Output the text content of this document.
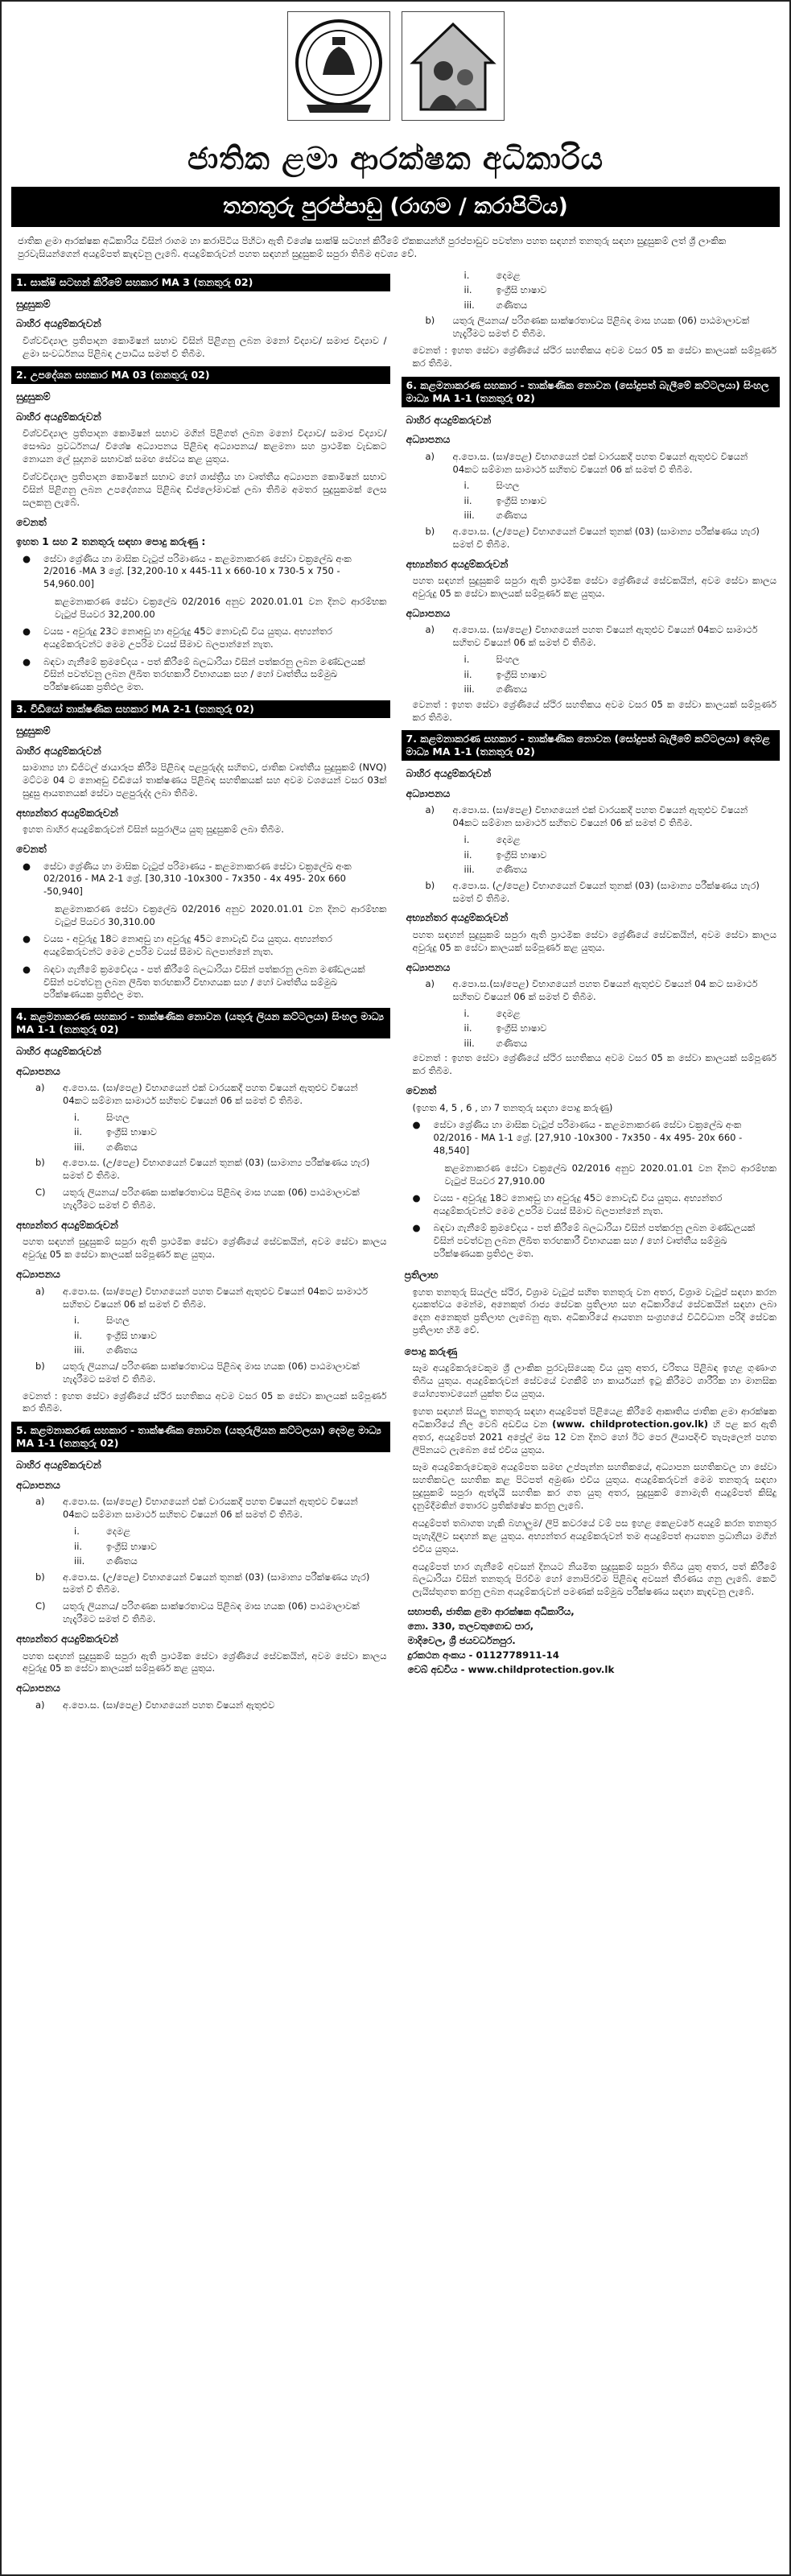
ජාතික ළමා ආරක්ෂක අධිකාරිය
තනතුරු පුරප්පාඩු (රාගම / කරාපිටිය)
ජාතික ළමා ආරක්ෂක අධිකාරිය විසින් රාගම හා කරාපිටිය පිහිටා ඇති විශේෂ සාක්ෂි සටහන් කිරීමේ ඒකකයන්හි පුරප්පාඩුව පවත්නා පහත සඳහන් තනතුරු සඳහා සුදුසුකම් ලත් ශ්‍රී ලාංකික පුරවැසියන්ගෙන් අයදුම්පත් කැඳවනු ලැබේ. අයදුම්කරුවන් පහත සඳහන් සුදුසුකම් සපුරා තිබීම අවශ්‍ය වේ.
1. සාක්ෂි සටහන් කිරීමේ සහකාර MA 3 (තනතුරු 02)
සුදුසුකම්
බාහිර අයදුම්කරුවන්
විශ්වවිද්‍යාල ප්‍රතිපාදන කොමිෂන් සභාව විසින් පිළිගනු ලබන මනෝ විද්‍යාව/ සමාජ විද්‍යාව / ළමා සංවර්ධනය පිළිබඳ උපාධිය සමත් වී තිබීම.
2. උපදේශන සහකාර MA 03 (තනතුරු 02)
සුදුසුකම්
බාහිර අයදුම්කරුවන්
විශ්වවිද්‍යාල ප්‍රතිපාදන කොමිෂන් සභාව මගින් පිළිගත් ලබන මනෝ විද්‍යාව/ සමාජ විද්‍යාව/ සෞඛ්‍ය ප්‍රවර්ධනය/ විශේෂ අධ්‍යාපනය පිළිබඳ අධ්‍යාපනය/ කළමනා සහ ප්‍රාථමික වැඩකට නොයන ලේ සූදානම සභාවක් සමඟ සේවය කළ යුතුය.
විශ්වවිද්‍යාල ප්‍රතිපාදන කොමිෂන් සභාව හෝ ශාස්ත්‍රීය හා වෘත්තීය අධ්‍යාපන කොමිෂන් සභාව විසින් පිළිගනු ලබන උපදේශනය පිළිබඳ ඩිප්ලෝමාවක් ලබා තිබීම අමතර සුදුසුකමක් ලෙස සලකනු ලැබේ.
වෙනත්
ඉහත 1 සහ 2 තනතුරු සඳහා පොදු කරුණු :
●	සේවා ශ්‍රේණිය හා මාසික වැටුප් පරිමාණය - කළමනාකරණ සේවා චක්‍රලේඛ අංක 2/2016 -MA 3 ශ්‍රේ. [32,200-10 x 445-11 x 660-10 x 730-5 x 750 - 54,960.00]
කළමනාකරණ සේවා චක්‍රලේඛ 02/2016 අනුව 2020.01.01 වන දිනට ආරම්භක වැටුප් පියවර 32,200.00
●	වයස - අවුරුදු 23ට නොඅඩු හා අවුරුදු 45ට නොවැඩි විය යුතුය. අභ්‍යන්තර අයදුම්කරුවන්ට මෙම උපරිම වයස් සීමාව බලපාන්නේ නැත.
●	බඳවා ගැනීමේ ක්‍රමවේදය - පත් කිරීමේ බලධාරියා විසින් පත්කරනු ලබන මණ්ඩලයක් විසින් පවත්වනු ලබන ලිඛිත තරඟකාරී විභාගයක සහ / හෝ වෘත්තීය සම්මුඛ පරීක්ෂණයක ප්‍රතිඵල මත.
3. විඩියෝ තාක්ෂණික සහකාර MA 2-1 (තනතුරු 02)
සුදුසුකම්
බාහිර අයදුම්කරුවන්
සාමාන්‍ය හා ඩිජිටල් ඡායාරූප කිරීම පිළිබඳ පළපුරුද්ද සහිතව, ජාතික වෘත්තීය සුදුසුකම් (NVQ) මට්ටම 04 ට නොඅඩු වීඩියෝ තාක්ෂණය පිළිබඳ සහතිකයක් සහ අවම වශයෙන් වසර 03ක් සුදුසු ආයතනයක් සේවා පළපුරුද්ද ලබා තිබීම.
අභ්‍යන්තර අයදුම්කරුවන්
ඉහත බාහිර අයදුම්කරුවන් විසින් සපුරාලිය යුතු සුදුසුකම් ලබා තිබීම.
වෙනත්
●	සේවා ශ්‍රේණිය හා මාසික වැටුප් පරිමාණය - කළමනාකරණ සේවා චක්‍රලේඛ අංක 02/2016 - MA 2-1 ශ්‍රේ. [30,310 -10x300 - 7x350 - 4x 495- 20x 660 -50,940]
කළමනාකරණ සේවා චක්‍රලේඛ 02/2016 අනුව 2020.01.01 වන දිනට ආරම්භක වැටුප් පියවර 30,310.00
●	වයස - අවුරුදු 18ට නොඅඩු හා අවුරුදු 45ට නොවැඩි විය යුතුය. අභ්‍යන්තර අයදුම්කරුවන්ට මෙම උපරිම වයස් සීමාව බලපාන්නේ නැත.
●	බඳවා ගැනීමේ ක්‍රමවේදය - පත් කිරීමේ බලධාරියා විසින් පත්කරනු ලබන මණ්ඩලයක් විසින් පවත්වනු ලබන ලිඛිත තරඟකාරී විභාගයක සහ / හෝ වෘත්තීය සම්මුඛ පරීක්ෂණයක ප්‍රතිඵල මත.
4. කළමනාකරණ සහකාර - තාක්ෂණික නොවන (යතුරු ලියන කට්ටලයා) සිංහල මාධ්‍ය MA 1-1 (තනතුරු 02)
බාහිර අයදුම්කරුවන්
අධ්‍යාපනය
a)	අ.පො.ස. (සා/පෙළ) විභාගයෙන් එක් වාරයකදී පහත විෂයන් ඇතුළුව විෂයන් 04කට සම්මාන සාමාර්ථ සහිතව විෂයන් 06 ක් සමත් වී තිබීම.
i.	සිංහල
ii.	ඉංග්‍රීසි භාෂාව
iii.	ගණිතය
b)	අ.පො.ස. (උ/පෙළ) විභාගයෙන් විෂයන් තුනක් (03) (සාමාන්‍ය පරීක්ෂණය හැර) සමත් වී තිබීම.
C)	යතුරු ලියනය/ පරිගණක සාක්ෂරතාවය පිළිබඳ මාස හයක (06) පාඨමාලාවක් හැදෑරීමට සමත් වී තිබීම.
අභ්‍යන්තර අයදුම්කරුවන්
පහත සඳහන් සුදුසුකම් සපුරා ඇති ප්‍රාථමික සේවා ශ්‍රේණියේ සේවකයින්, අවම සේවා කාලය අවුරුදු 05 ක සේවා කාලයක් සම්පූර්ණ කළ යුතුය.
අධ්‍යාපනය
a)	අ.පො.ස. (සා/පෙළ) විභාගයෙන් පහත විෂයන් ඇතුළුව විෂයන් 04කට සාමාර්ථ සහිතව විෂයන් 06 ක් සමත් වී තිබීම.
i.	සිංහල
ii.	ඉංග්‍රීසි භාෂාව
iii.	ගණිතය
b)	යතුරු ලියනය/ පරිගණක සාක්ෂරතාවය පිළිබඳ මාස හයක (06) පාඨමාලාවක් හැදෑරීමට සමත් වී තිබීම.
වෙනත් : ඉහත සේවා ශ්‍රේණියේ ස්ථිර සහතිකය අවම වසර 05 ක සේවා කාලයක් සම්පූර්ණ කර තිබීම.
5. කළමනාකරණ සහකාර - තාක්ෂණික නොවන (යතුරුලියන කට්ටලයා) දෙමළ මාධ්‍ය MA 1-1 (තනතුරු 02)
බාහිර අයදුම්කරුවන්
අධ්‍යාපනය
a)	අ.පො.ස. (සා/පෙළ) විභාගයෙන් එක් වාරයකදී පහත විෂයන් ඇතුළුව විෂයන් 04කට සම්මාන සාමාර්ථ සහිතව විෂයන් 06 ක් සමත් වී තිබීම.
i.	දෙමළ
ii.	ඉංග්‍රීසි භාෂාව
iii.	ගණිතය
b)	අ.පො.ස. (උ/පෙළ) විභාගයෙන් විෂයන් තුනක් (03) (සාමාන්‍ය පරීක්ෂණය හැර) සමත් වී තිබීම.
C)	යතුරු ලියනය/ පරිගණක සාක්ෂරතාවය පිළිබඳ මාස හයක (06) පාඨමාලාවක් හැදෑරීමට සමත් වී තිබීම.
අභ්‍යන්තර අයදුම්කරුවන්
පහත සඳහන් සුදුසුකම් සපුරා ඇති ප්‍රාථමික සේවා ශ්‍රේණියේ සේවකයින්, අවම සේවා කාලය අවුරුදු 05 ක සේවා කාලයක් සම්පූර්ණ කළ යුතුය.
අධ්‍යාපනය
a)	අ.පො.ස. (සා/පෙළ) විභාගයෙන් පහත විෂයන් ඇතුළුව
i.	දෙමළ
ii.	ඉංග්‍රීසි භාෂාව
iii.	ගණිතය
b)	යතුරු ලියනය/ පරිගණක සාක්ෂරතාවය පිළිබඳ මාස හයක (06) පාඨමාලාවක් හැදෑරීමට සමත් වී තිබීම.
වෙනත් : ඉහත සේවා ශ්‍රේණියේ ස්ථිර සහතිකය අවම වසර 05 ක සේවා කාලයක් සම්පූර්ණ කර තිබීම.
6. කළමනාකරණ සහකාර - තාක්ෂණික නොවන (සෝදුපත් බැලීමේ කට්ටලයා) සිංහල මාධ්‍ය MA 1-1 (තනතුරු 02)
බාහිර අයදුම්කරුවන්
අධ්‍යාපනය
a)	අ.පො.ස. (සා/පෙළ) විභාගයෙන් එක් වාරයකදී පහත විෂයන් ඇතුළුව විෂයන් 04කට සම්මාන සාමාර්ථ සහිතව විෂයන් 06 ක් සමත් වී තිබීම.
i.	සිංහල
ii.	ඉංග්‍රීසි භාෂාව
iii.	ගණිතය
b)	අ.පො.ස. (උ/පෙළ) විභාගයෙන් විෂයන් තුනක් (03) (සාමාන්‍ය පරීක්ෂණය හැර) සමත් වී තිබීම.
අභ්‍යන්තර අයදුම්කරුවන්
පහත සඳහන් සුදුසුකම් සපුරා ඇති ප්‍රාථමික සේවා ශ්‍රේණියේ සේවකයින්, අවම සේවා කාලය අවුරුදු 05 ක සේවා කාලයක් සම්පූර්ණ කළ යුතුය.
අධ්‍යාපනය
a)	අ.පො.ස. (සා/පෙළ) විභාගයෙන් පහත විෂයන් ඇතුළුව විෂයන් 04කට සාමාර්ථ සහිතව විෂයන් 06 ක් සමත් වී තිබීම.
i.	සිංහල
ii.	ඉංග්‍රීසි භාෂාව
iii.	ගණිතය
වෙනත් : ඉහත සේවා ශ්‍රේණියේ ස්ථිර සහතිකය අවම වසර 05 ක සේවා කාලයක් සම්පූර්ණ කර තිබීම.
7. කළමනාකරණ සහකාර - තාක්ෂණික නොවන (සෝදුපත් බැලීමේ කට්ටලයා) දෙමළ මාධ්‍ය MA 1-1 (තනතුරු 02)
බාහිර අයදුම්කරුවන්
අධ්‍යාපනය
a)	අ.පො.ස. (සා/පෙළ) විභාගයෙන් එක් වාරයකදී පහත විෂයන් ඇතුළුව විෂයන් 04කට සම්මාන සාමාර්ථ සහිතව විෂයන් 06 ක් සමත් වී තිබීම.
i.	දෙමළ
ii.	ඉංග්‍රීසි භාෂාව
iii.	ගණිතය
b)	අ.පො.ස. (උ/පෙළ) විභාගයෙන් විෂයන් තුනක් (03) (සාමාන්‍ය පරීක්ෂණය හැර) සමත් වී තිබීම.
අභ්‍යන්තර අයදුම්කරුවන්
පහත සඳහන් සුදුසුකම් සපුරා ඇති ප්‍රාථමික සේවා ශ්‍රේණියේ සේවකයින්, අවම සේවා කාලය අවුරුදු 05 ක සේවා කාලයක් සම්පූර්ණ කළ යුතුය.
අධ්‍යාපනය
a)	අ.පො.ස.(සා/පෙළ) විභාගයෙන් පහත විෂයන් ඇතුළුව විෂයන් 04 කට සාමාර්ථ සහිතව විෂයන් 06 ක් සමත් වී තිබීම.
i.	දෙමළ
ii.	ඉංග්‍රීසි භාෂාව
iii.	ගණිතය
වෙනත් : ඉහත සේවා ශ්‍රේණියේ ස්ථිර සහතිකය අවම වසර 05 ක සේවා කාලයක් සම්පූර්ණ කර තිබීම.
වෙනත්
(ඉහත 4, 5 , 6 , හා 7 තනතුරු සඳහා පොදු කරුණු)
●	සේවා ශ්‍රේණිය හා මාසික වැටුප් පරිමාණය - කළමනාකරණ සේවා චක්‍රලේඛ අංක 02/2016 - MA 1-1 ශ්‍රේ. [27,910 -10x300 - 7x350 - 4x 495- 20x 660 - 48,540]
කළමනාකරණ සේවා චක්‍රලේඛ 02/2016 අනුව 2020.01.01 වන දිනට ආරම්භක වැටුප් පියවර 27,910.00
●	වයස - අවුරුදු 18ට නොඅඩු හා අවුරුදු 45ට නොවැඩි විය යුතුය. අභ්‍යන්තර අයදුම්කරුවන්ට මෙම උපරිම වයස් සීමාව බලපාන්නේ නැත.
●	බඳවා ගැනීමේ ක්‍රමවේදය - පත් කිරීමේ බලධාරියා විසින් පත්කරනු ලබන මණ්ඩලයක් විසින් පවත්වනු ලබන ලිඛිත තරඟකාරී විභාගයක සහ / හෝ වෘත්තීය සම්මුඛ පරීක්ෂණයක ප්‍රතිඵල මත.
ප්‍රතිලාභ
ඉහත තනතුරු සියල්ල ස්ථිර, විශ්‍රාම වැටුප් සහිත තනතුරු වන අතර, විශ්‍රාම වැටුප් සඳහා කරන දායකත්වය මෙන්ම, අනෙකුත් රාජ්‍ය සේවක ප්‍රතිලාභ සහ අධිකාරියේ සේවකයින් සඳහා ලබා දෙන අනෙකුත් ප්‍රතිලාභ ලැබෙනු ඇත. අධිකාරියේ ආයතන සංග්‍රහයේ විධිවිධාන පරිදි සේවක ප්‍රතිලාභ හිමි වේ.
පොදු කරුණු
සෑම අයදුම්කරුවෙකුම ශ්‍රී ලාංකික පුරවැසියෙකු විය යුතු අතර, චරිතය පිළිබඳ ඉහළ ගුණාංග තිබිය යුතුය. අයදුම්කරුවන් සේවයේ වගකීම් හා කාර්යයන් ඉටු කිරීමට ශාරීරික හා මානසික යෝග්‍යතාවයෙන් යුක්ත විය යුතුය.
ඉහත සඳහන් සියලු තනතුරු සඳහා අයදුම්පත් පිළියෙළ කිරීමේ ආකෘතිය ජාතික ළමා ආරක්ෂක අධිකාරියේ නිල වෙබ් අඩවිය වන (www. childprotection.gov.lk) හි පළ කර ඇති අතර, අයදුම්පත් 2021 අප්‍රේල් මස 12 වන දිනට හෝ ඊට පෙර ලියාපදිංචි තැපෑලෙන් පහත ලිපිනයට ලැබෙන සේ එවිය යුතුය.
සෑම අයදුම්කරුවෙකුම අයදුම්පත සමඟ උප්පැන්න සහතිකයේ, අධ්‍යාපන සහතිකවල හා සේවා සහතිකවල සහතික කළ පිටපත් අමුණා එවිය යුතුය. අයදුම්කරුවන් මෙම තනතුරු සඳහා සුදුසුකම් සපුරා ඇත්දැයි සහතික කර ගත යුතු අතර, සුදුසුකම් නොමැති අයදුම්පත් කිසිදු දැනුම්දීමකින් තොරව ප්‍රතික්ෂේප කරනු ලැබේ.
අයදුම්පත් තබාගත හැකි බහාලුම/ ලිපි කවරයේ වම් පස ඉහළ කෙළවරේ අයදුම් කරන තනතුර පැහැදිලිව සඳහන් කළ යුතුය. අභ්‍යන්තර අයදුම්කරුවන් තම අයදුම්පත් ආයතන ප්‍රධානියා මගින් එවිය යුතුය.
අයදුම්පත් භාර ගැනීමේ අවසන් දිනයට නියමිත සුදුසුකම් සපුරා තිබිය යුතු අතර, පත් කිරීමේ බලධාරියා විසින් තනතුරු පිරවීම හෝ නොපිරවීම පිළිබඳ අවසන් තීරණය ගනු ලැබේ. කෙටි ලැයිස්තුගත කරනු ලබන අයදුම්කරුවන් පමණක් සම්මුඛ පරීක්ෂණය සඳහා කැඳවනු ලැබේ.
සභාපති, ජාතික ළමා ආරක්ෂක අධිකාරිය,
නො. 330, තලවතුගොඩ පාර,
මාදිවෙල, ශ්‍රී ජයවර්ධනපුර.
දුරකථන අංකය - 0112778911-14
වෙබ් අඩවිය - www.childprotection.gov.lk
